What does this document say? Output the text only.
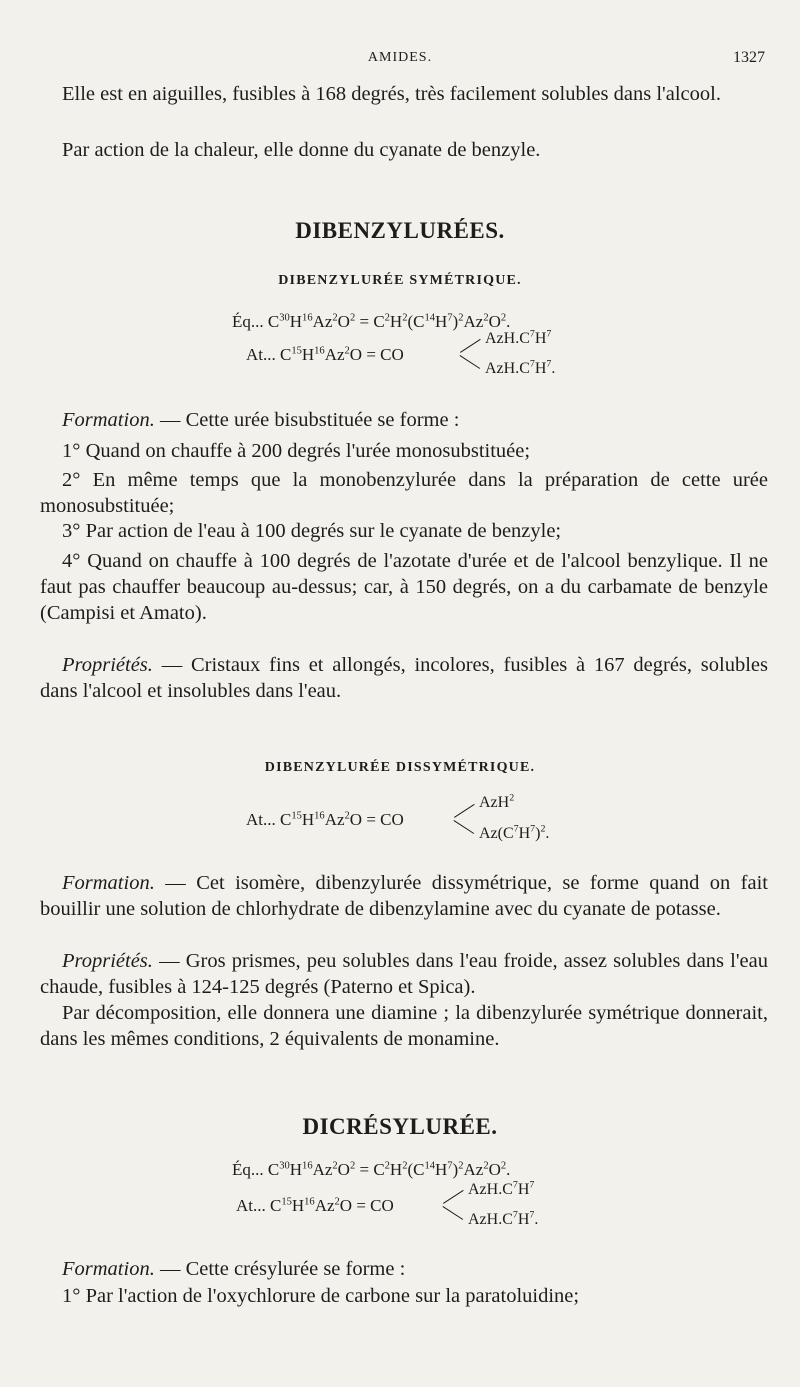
AMIDES.	1327

Elle est en aiguilles, fusibles à 168 degrés, très facilement solubles dans l'alcool.

Par action de la chaleur, elle donne du cyanate de benzyle.

DIBENZYLURÉES.
DIBENZYLURÉE SYMÉTRIQUE.
Éq... $C^{30}H^{16}Az^2O^2 = C^2H^2(C^{14}H^7)^2Az^2O^2$.
At... $C^{15}H^{16}Az^2O$ = CO
$AzH.C^7H^7$
$AzH.C^7H^7$.

Formation. — Cette urée bisubstituée se forme :

1° Quand on chauffe à 200 degrés l'urée monosubstituée;

2° En même temps que la monobenzylurée dans la préparation de cette urée monosubstituée;

3° Par action de l'eau à 100 degrés sur le cyanate de benzyle;

4° Quand on chauffe à 100 degrés de l'azotate d'urée et de l'alcool benzylique. Il ne faut pas chauffer beaucoup au-dessus; car, à 150 degrés, on a du carbamate de benzyle (Campisi et Amato).

Propriétés. — Cristaux fins et allongés, incolores, fusibles à 167 degrés, solubles dans l'alcool et insolubles dans l'eau.

DIBENZYLURÉE DISSYMÉTRIQUE.
At... $C^{15}H^{16}Az^2O$ = CO
AzH$^2$
$Az(C^7H^7)^2$.

Formation. — Cet isomère, dibenzylurée dissymétrique, se forme quand on fait bouillir une solution de chlorhydrate de dibenzylamine avec du cyanate de potasse.

Propriétés. — Gros prismes, peu solubles dans l'eau froide, assez solubles dans l'eau chaude, fusibles à 124-125 degrés (Paterno et Spica).

Par décomposition, elle donnera une diamine ; la dibenzylurée symétrique donnerait, dans les mêmes conditions, 2 équivalents de monamine.

DICRÉSYLURÉE.
Éq... $C^{30}H^{16}Az^2O^2 = C^2H^2(C^{14}H^7)^2Az^2O^2$.
At... $C^{15}H^{16}Az^2O$ = CO
$AzH.C^7H^7$
$AzH.C^7H^7$.

Formation. — Cette crésylurée se forme :

1° Par l'action de l'oxychlorure de carbone sur la paratoluidine;
